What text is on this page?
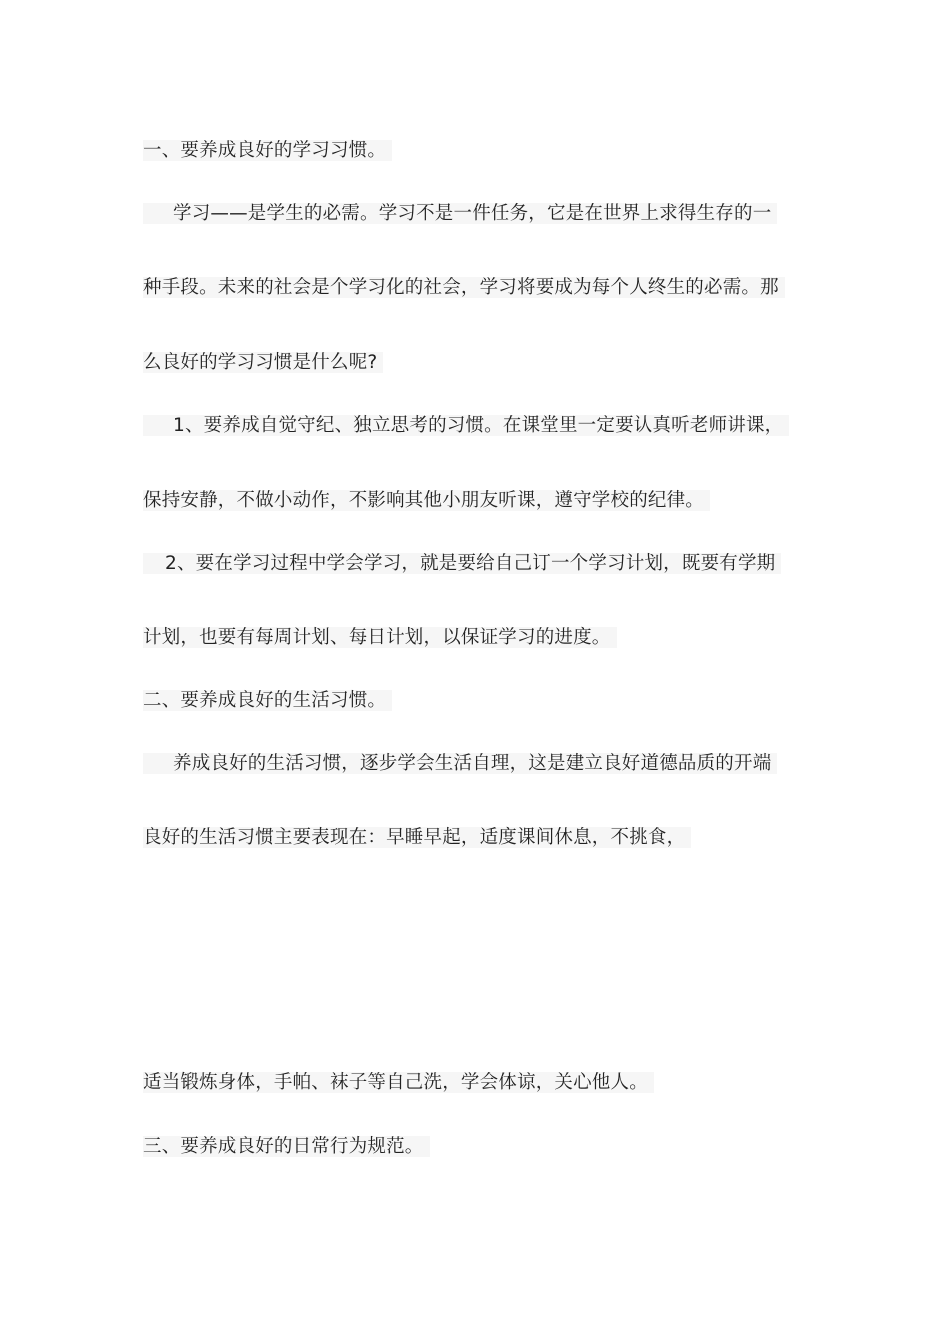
一、要养成良好的学习习惯。
学习——是学生的必需。学习不是一件任务，它是在世界上求得生存的一
种手段。未来的社会是个学习化的社会，学习将要成为每个人终生的必需。那
么良好的学习习惯是什么呢?
1、要养成自觉守纪、独立思考的习惯。在课堂里一定要认真听老师讲课，
保持安静，不做小动作，不影响其他小朋友听课，遵守学校的纪律。
2、要在学习过程中学会学习，就是要给自己订一个学习计划，既要有学期
计划，也要有每周计划、每日计划，以保证学习的进度。
二、要养成良好的生活习惯。
养成良好的生活习惯，逐步学会生活自理，这是建立良好道德品质的开端
良好的生活习惯主要表现在：早睡早起，适度课间休息，不挑食，
适当锻炼身体，手帕、袜子等自己洗，学会体谅，关心他人。
三、要养成良好的日常行为规范。
